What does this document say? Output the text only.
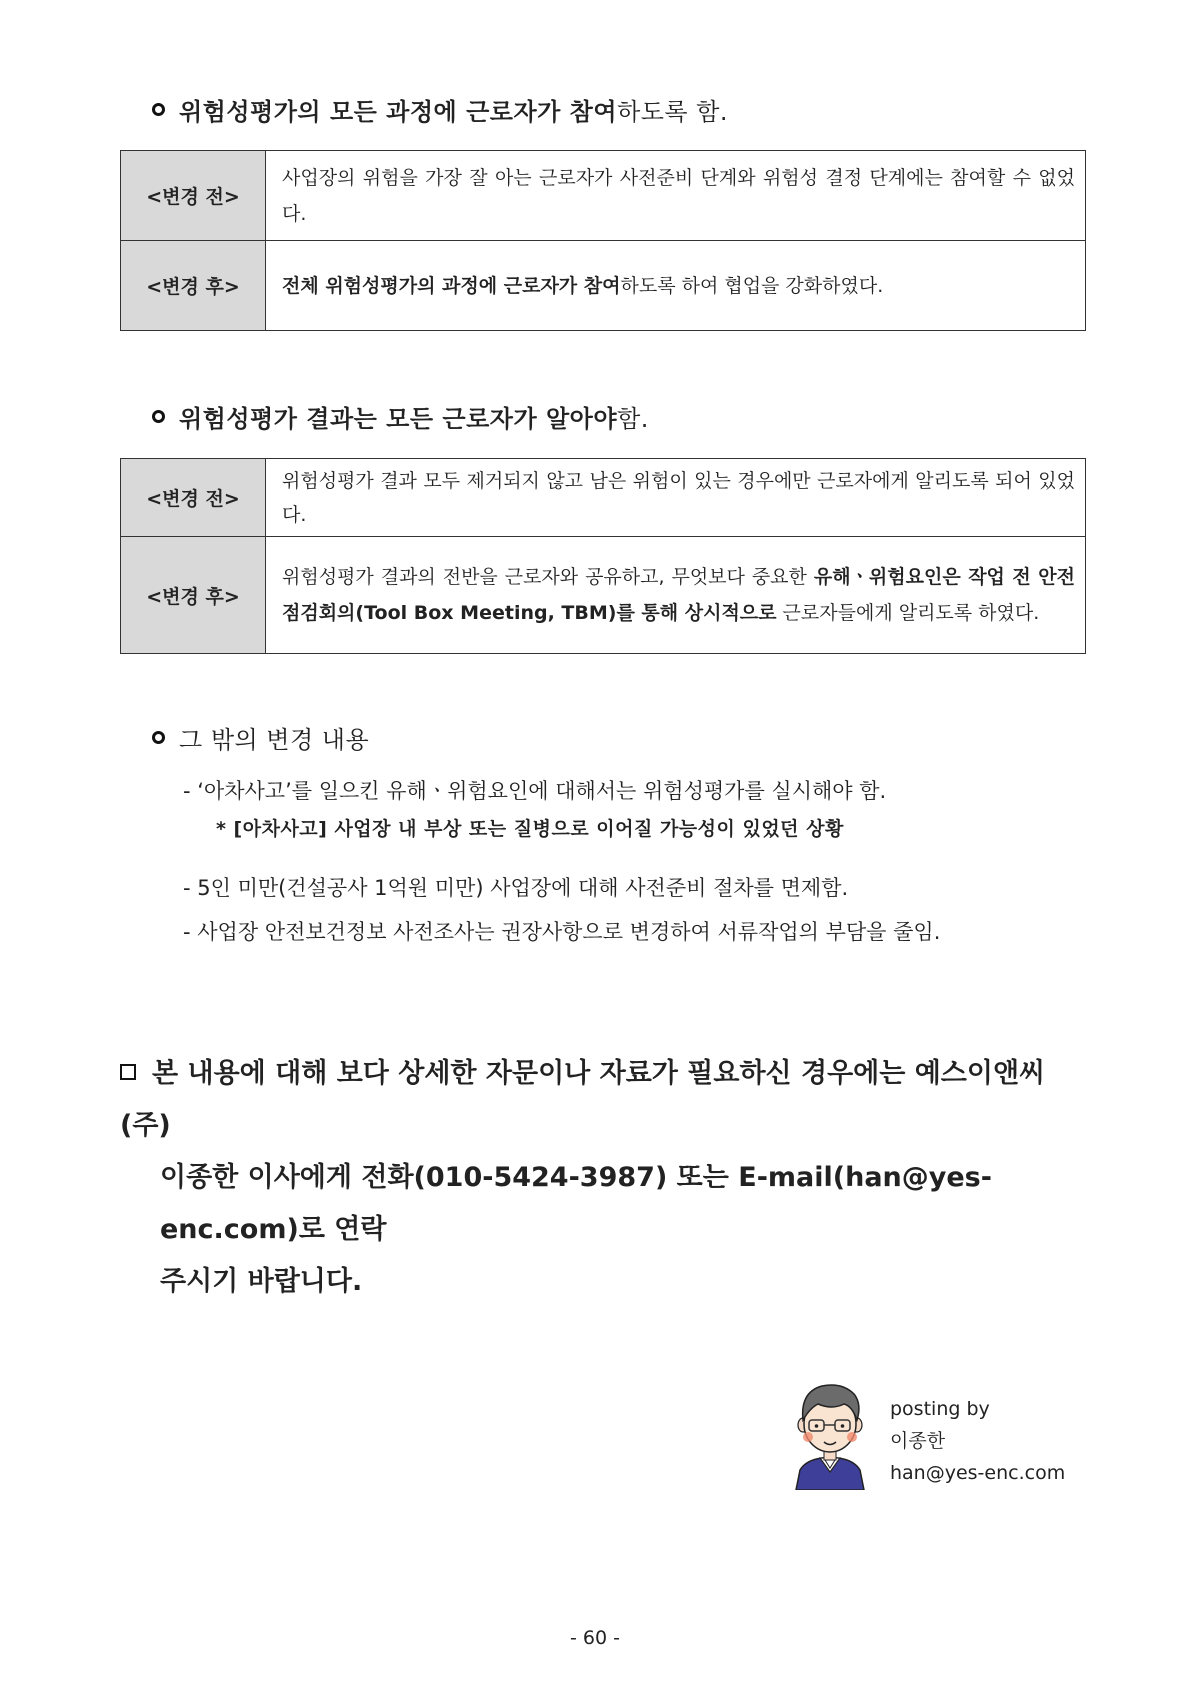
위험성평가의 모든 과정에 근로자가 참여 하도록 함.
<변경 전>	사업장의 위험을 가장 잘 아는 근로자가 사전준비 단계와 위험성 결정 단계에는 참여할 수 없었다.
<변경 후>	전체 위험성평가의 과정에 근로자가 참여하도록 하여 협업을 강화하였다.
위험성평가 결과는 모든 근로자가 알아야 함.
<변경 전>	위험성평가 결과 모두 제거되지 않고 남은 위험이 있는 경우에만 근로자에게 알리도록 되어 있었다.
<변경 후>	위험성평가 결과의 전반을 근로자와 공유하고, 무엇보다 중요한 유해ㆍ위험요인은 작업 전 안전점검회의(Tool Box Meeting, TBM)를 통해 상시적으로 근로자들에게 알리도록 하였다.
그 밖의 변경 내용
- ‘아차사고’를 일으킨 유해ㆍ위험요인에 대해서는 위험성평가를 실시해야 함.
* [아차사고] 사업장 내 부상 또는 질병으로 이어질 가능성이 있었던 상황
- 5인 미만(건설공사 1억원 미만) 사업장에 대해 사전준비 절차를 면제함.
- 사업장 안전보건정보 사전조사는 권장사항으로 변경하여 서류작업의 부담을 줄임.
본 내용에 대해 보다 상세한 자문이나 자료가 필요하신 경우에는 예스이앤씨(주)
이종한 이사에게 전화(010-5424-3987) 또는 E-mail(han@yes-enc.com)로 연락
주시기 바랍니다.
posting by
이종한
han@yes-enc.com
- 60 -
